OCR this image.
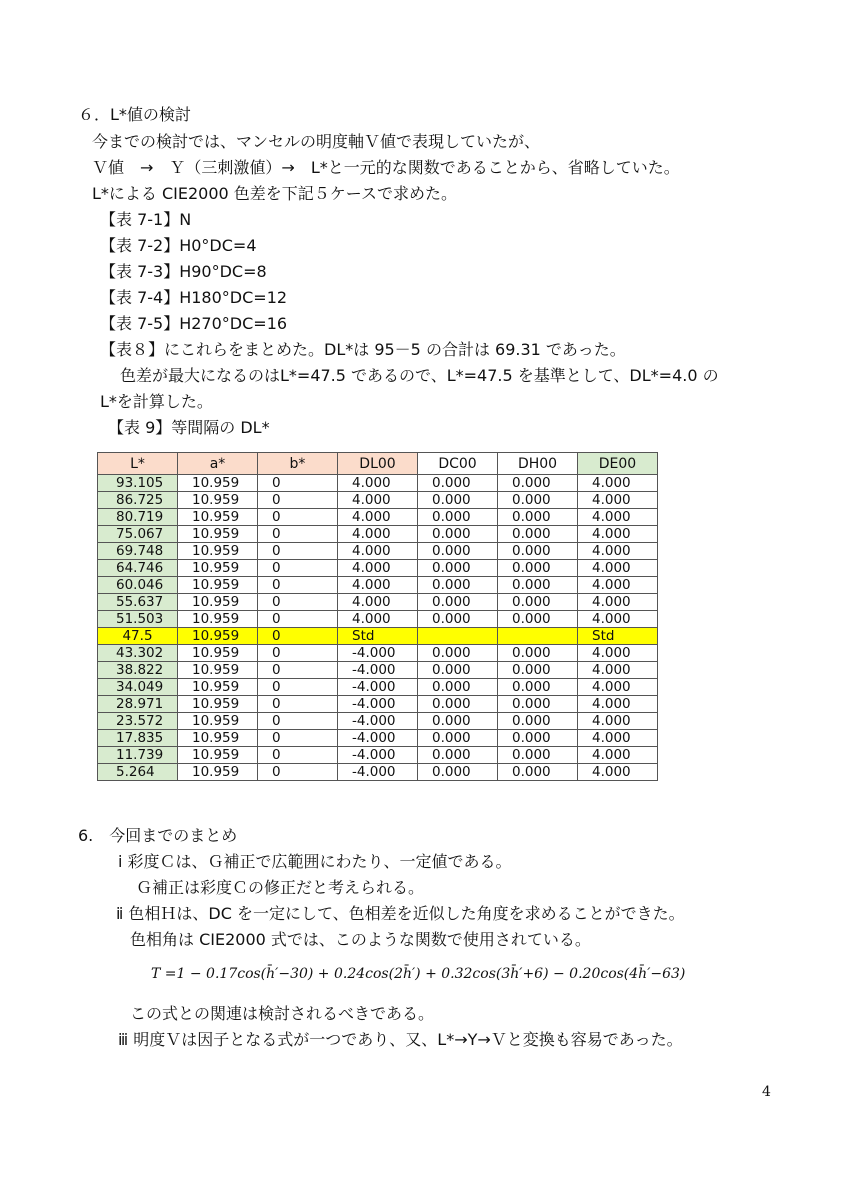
６．L*値の検討
今までの検討では、マンセルの明度軸Ｖ値で表現していたが、
Ｖ値　→　Ｙ（三刺激値）→　L*と一元的な関数であることから、省略していた。
L*による CIE2000 色差を下記５ケースで求めた。
【表 7-1】N
【表 7-2】H0°DC=4
【表 7-3】H90°DC=8
【表 7-4】H180°DC=12
【表 7-5】H270°DC=16
【表８】にこれらをまとめた。DL*は 95－5 の合計は 69.31 であった。
色差が最大になるのはL*=47.5 であるので、L*=47.5 を基準として、DL*=4.0 の
L*を計算した。
【表 9】等間隔の DL*
L*	a*	b*	DL00	DC00	DH00	DE00
93.105	10.959	0	4.000	0.000	0.000	4.000
86.725	10.959	0	4.000	0.000	0.000	4.000
80.719	10.959	0	4.000	0.000	0.000	4.000
75.067	10.959	0	4.000	0.000	0.000	4.000
69.748	10.959	0	4.000	0.000	0.000	4.000
64.746	10.959	0	4.000	0.000	0.000	4.000
60.046	10.959	0	4.000	0.000	0.000	4.000
55.637	10.959	0	4.000	0.000	0.000	4.000
51.503	10.959	0	4.000	0.000	0.000	4.000
47.5	10.959	0	Std			Std
43.302	10.959	0	-4.000	0.000	0.000	4.000
38.822	10.959	0	-4.000	0.000	0.000	4.000
34.049	10.959	0	-4.000	0.000	0.000	4.000
28.971	10.959	0	-4.000	0.000	0.000	4.000
23.572	10.959	0	-4.000	0.000	0.000	4.000
17.835	10.959	0	-4.000	0.000	0.000	4.000
11.739	10.959	0	-4.000	0.000	0.000	4.000
5.264	10.959	0	-4.000	0.000	0.000	4.000
6.　今回までのまとめ
ⅰ 彩度Ｃは、Ｇ補正で広範囲にわたり、一定値である。
Ｇ補正は彩度Ｃの修正だと考えられる。
ⅱ 色相Ｈは、DC を一定にして、色相差を近似した角度を求めることができた。
色相角は CIE2000 式では、このような関数で使用されている。
T =1 − 0.17cos(h̄′−30) + 0.24cos(2h̄′) + 0.32cos(3h̄′+6) − 0.20cos(4h̄′−63)
この式との関連は検討されるべきである。
ⅲ 明度Ｖは因子となる式が一つであり、又、L*→Y→Ｖと変換も容易であった。
4
